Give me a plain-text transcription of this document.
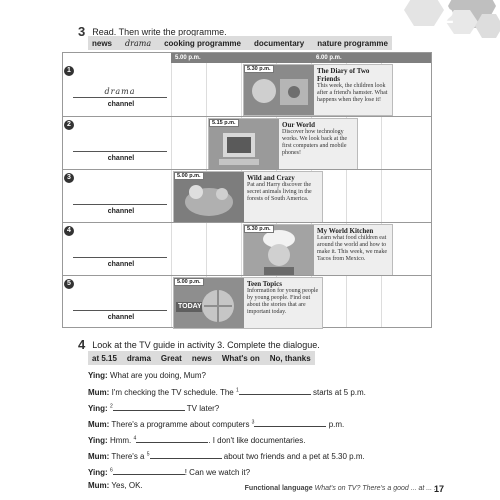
2
3 Read. Then write the programme.
news drama cooking programme documentary nature programme
5.00 p.m.	6.00 p.m.
1
drama
channel
5.30 p.m.	The Diary of Two Friends
This week, the children look after a friend's hamster. What happens when they lose it!
2
channel
5.15 p.m.	Our World
Discover how technology works. We look back at the first computers and mobile phones!
3
channel
5.00 p.m.	Wild and Crazy
Pat and Harry discover the secret animals living in the forests of South America.
4
channel
5.30 p.m.	My World Kitchen
Learn what food children eat around the world and how to make it. This week, we make Tacos from Mexico.
5
channel
5.00 p.m.
TODAY
Teen Topics
Information for young people by young people. Find out about the stories that are important today.
4 Look at the TV guide in activity 3. Complete the dialogue.
at 5.15 drama Great news What's on No, thanks
Ying: What are you doing, Mum?
Mum: I'm checking the TV schedule. The $^1$	starts at 5 p.m.
Ying: $^2$	TV later?
Mum: There's a programme about computers $^3$	p.m.
Ying: Hmm. $^4$	. I don't like documentaries.
Mum: There's a $^5$	about two friends and a pet at 5.30 p.m.
Ying: $^6$	! Can we watch it?
Mum: Yes, OK.	Functional language What's on TV? There's a good ... at ... .
17
